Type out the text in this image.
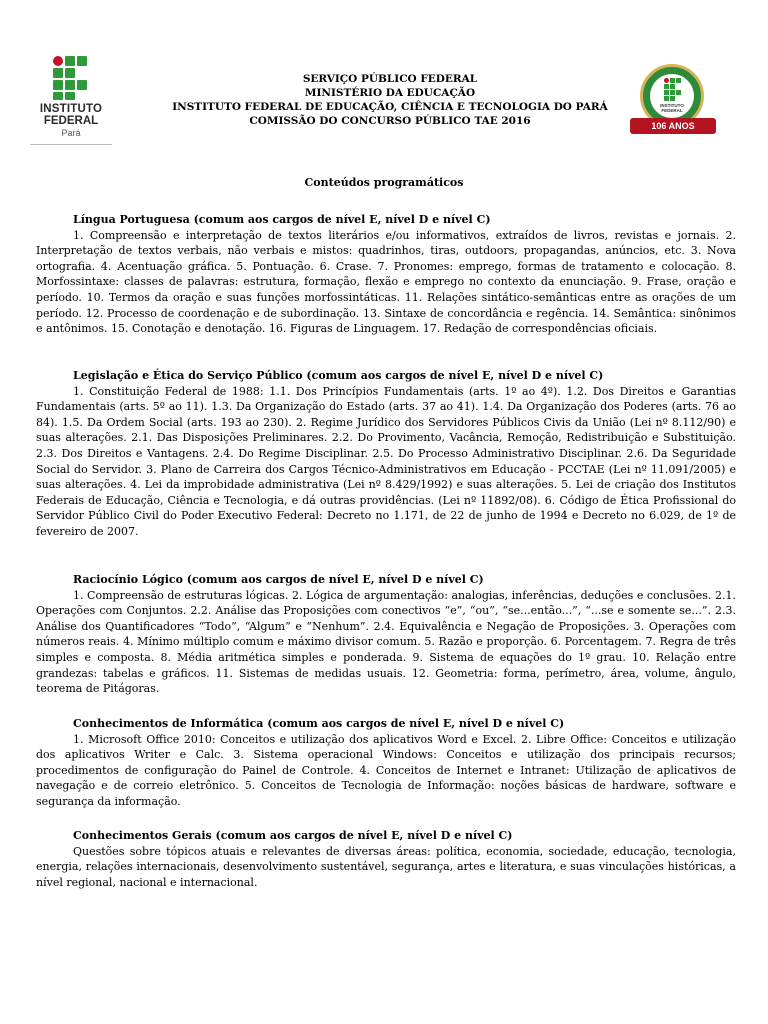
INSTITUTO
FEDERAL
Pará
SERVIÇO PÚBLICO FEDERAL
MINISTÉRIO DA EDUCAÇÃO
INSTITUTO FEDERAL DE EDUCAÇÃO, CIÊNCIA E TECNOLOGIA DO PARÁ
COMISSÃO DO CONCURSO PÚBLICO TAE 2016
INSTITUTO FEDERAL
106 ANOS
Conteúdos programáticos
Língua Portuguesa (comum aos cargos de nível E, nível D e nível C)

1. Compreensão e interpretação de textos literários e/ou informativos, extraídos de livros, revistas e jornais. 2. Interpretação de textos verbais, não verbais e mistos: quadrinhos, tiras, outdoors, propagandas, anúncios, etc. 3. Nova ortografia. 4. Acentuação gráfica. 5. Pontuação. 6. Crase. 7. Pronomes: emprego, formas de tratamento e colocação. 8. Morfossintaxe: classes de palavras: estrutura, formação, flexão e emprego no contexto da enunciação. 9. Frase, oração e período. 10. Termos da oração e suas funções morfossintáticas. 11. Relações sintático-semânticas entre as orações de um período. 12. Processo de coordenação e de subordinação. 13. Sintaxe de concordância e regência. 14. Semântica: sinônimos e antônimos. 15. Conotação e denotação. 16. Figuras de Linguagem. 17. Redação de correspondências oficiais.

Legislação e Ética do Serviço Público (comum aos cargos de nível E, nível D e nível C)

1. Constituição Federal de 1988: 1.1. Dos Princípios Fundamentais (arts. 1º ao 4º). 1.2. Dos Direitos e Garantias Fundamentais (arts. 5º ao 11). 1.3. Da Organização do Estado (arts. 37 ao 41). 1.4. Da Organização dos Poderes (arts. 76 ao 84). 1.5. Da Ordem Social (arts. 193 ao 230). 2. Regime Jurídico dos Servidores Públicos Civis da União (Lei nº 8.112/90) e suas alterações. 2.1. Das Disposições Preliminares. 2.2. Do Provimento, Vacância, Remoção, Redistribuição e Substituição. 2.3. Dos Direitos e Vantagens. 2.4. Do Regime Disciplinar. 2.5. Do Processo Administrativo Disciplinar. 2.6. Da Seguridade Social do Servidor. 3. Plano de Carreira dos Cargos Técnico-Administrativos em Educação - PCCTAE (Lei nº 11.091/2005) e suas alterações. 4. Lei da improbidade administrativa (Lei nº 8.429/1992) e suas alterações. 5. Lei de criação dos Institutos Federais de Educação, Ciência e Tecnologia, e dá outras providências. (Lei nº 11892/08). 6. Código de Ética Profissional do Servidor Público Civil do Poder Executivo Federal: Decreto no 1.171, de 22 de junho de 1994 e Decreto no 6.029, de 1º de fevereiro de 2007.

Raciocínio Lógico (comum aos cargos de nível E, nível D e nível C)

1. Compreensão de estruturas lógicas. 2. Lógica de argumentação: analogias, inferências, deduções e conclusões. 2.1. Operações com Conjuntos. 2.2. Análise das Proposições com conectivos “e”, “ou”, “se...então...”, “...se e somente se...”. 2.3. Análise dos Quantificadores “Todo”, “Algum” e “Nenhum”. 2.4. Equivalência e Negação de Proposições. 3. Operações com números reais. 4. Mínimo múltiplo comum e máximo divisor comum. 5. Razão e proporção. 6. Porcentagem. 7. Regra de três simples e composta. 8. Média aritmética simples e ponderada. 9. Sistema de equações do 1º grau. 10. Relação entre grandezas: tabelas e gráficos. 11. Sistemas de medidas usuais. 12. Geometria: forma, perímetro, área, volume, ângulo, teorema de Pitágoras.

Conhecimentos de Informática (comum aos cargos de nível E, nível D e nível C)

1. Microsoft Office 2010: Conceitos e utilização dos aplicativos Word e Excel. 2. Libre Office: Conceitos e utilização dos aplicativos Writer e Calc. 3. Sistema operacional Windows: Conceitos e utilização dos principais recursos; procedimentos de configuração do Painel de Controle. 4. Conceitos de Internet e Intranet: Utilização de aplicativos de navegação e de correio eletrônico. 5. Conceitos de Tecnologia de Informação: noções básicas de hardware, software e segurança da informação.

Conhecimentos Gerais (comum aos cargos de nível E, nível D e nível C)

Questões sobre tópicos atuais e relevantes de diversas áreas: política, economia, sociedade, educação, tecnologia, energia, relações internacionais, desenvolvimento sustentável, segurança, artes e literatura, e suas vinculações históricas, a nível regional, nacional e internacional.
